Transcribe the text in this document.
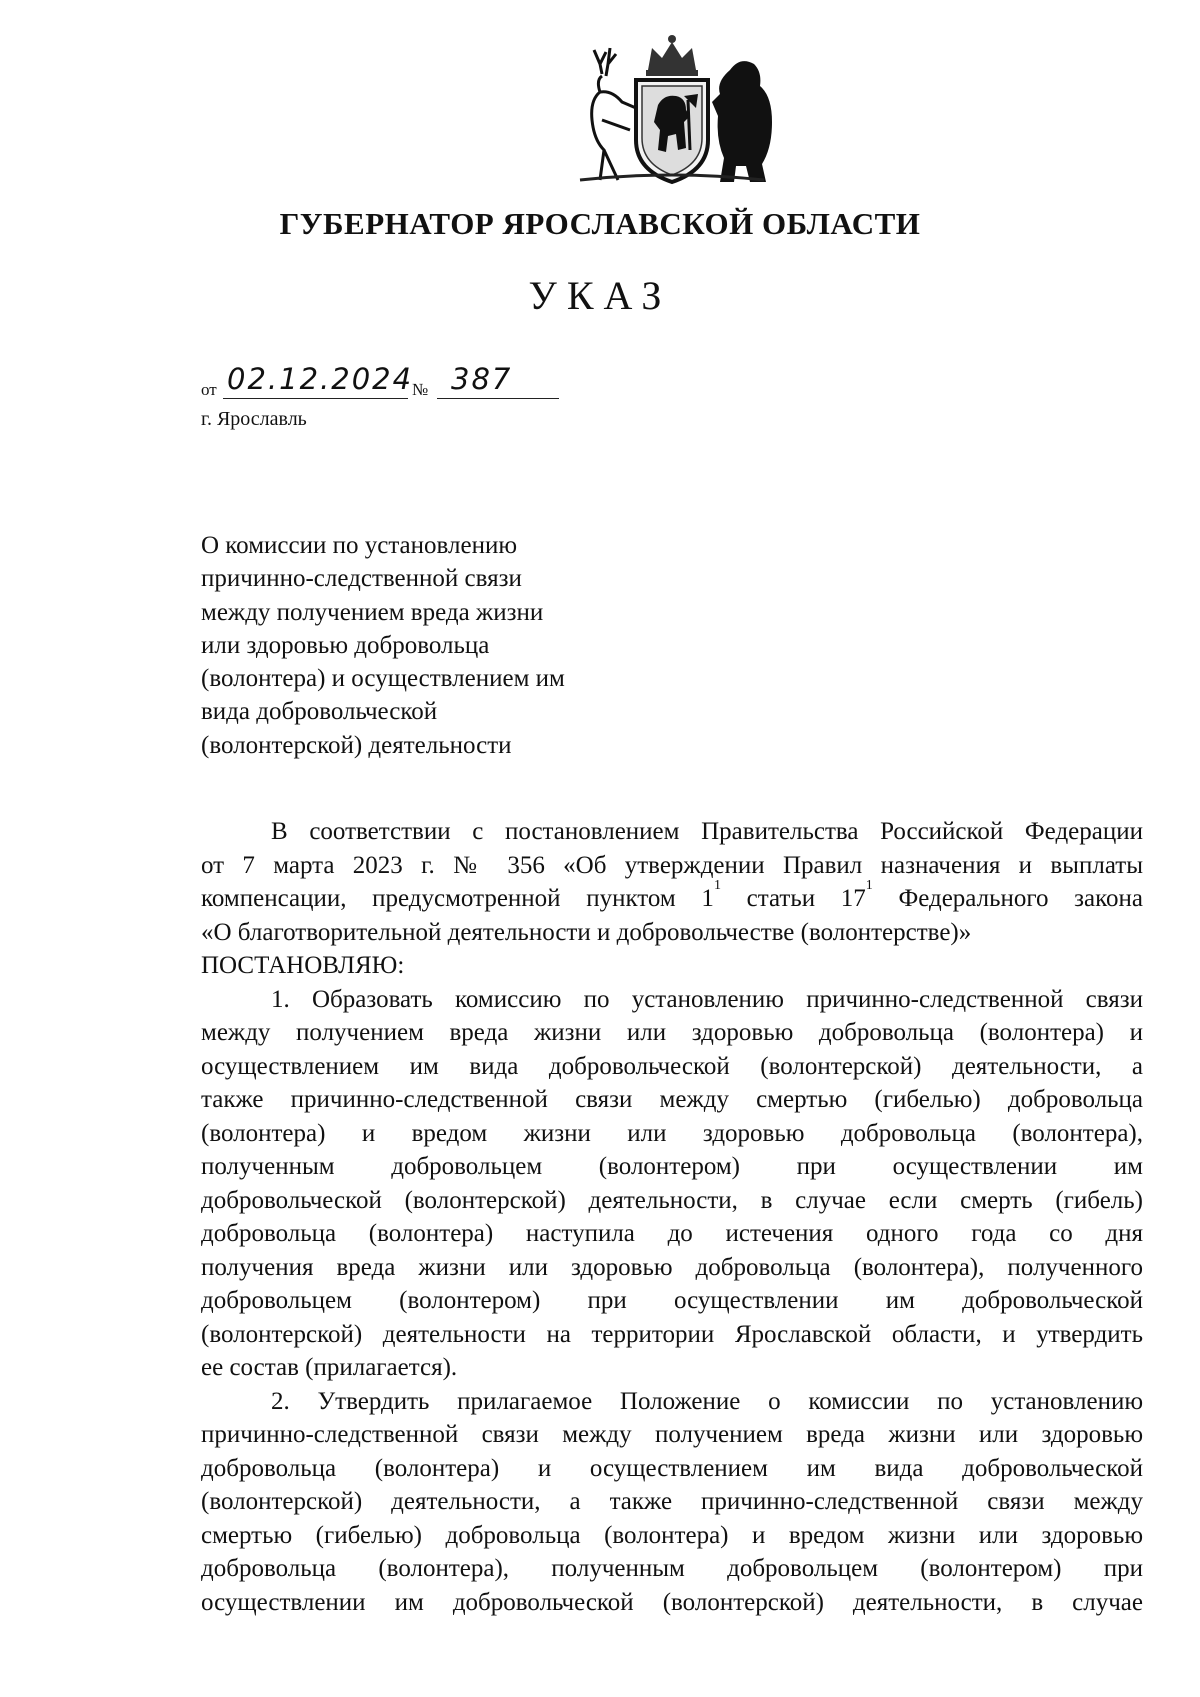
ГУБЕРНАТОР ЯРОСЛАВСКОЙ ОБЛАСТИ
УКАЗ
от 02.12.2024
№ 387
г. Ярославль
О комиссии по установлению
причинно-следственной связи
между получением вреда жизни
или здоровью добровольца
(волонтера) и осуществлением им
вида добровольческой
(волонтерской) деятельности
В соответствии с постановлением Правительства Российской Федерации
от 7 марта 2023 г. № 356 «Об утверждении Правил назначения и выплаты
компенсации, предусмотренной пунктом $1^1$ статьи $17^1$ Федерального закона
«О благотворительной деятельности и добровольчестве (волонтерстве)»
ПОСТАНОВЛЯЮ:
1. Образовать комиссию по установлению причинно-следственной связи
между получением вреда жизни или здоровью добровольца (волонтера) и
осуществлением им вида добровольческой (волонтерской) деятельности, а
также причинно-следственной связи между смертью (гибелью) добровольца
(волонтера) и вредом жизни или здоровью добровольца (волонтера),
полученным добровольцем (волонтером) при осуществлении им
добровольческой (волонтерской) деятельности, в случае если смерть (гибель)
добровольца (волонтера) наступила до истечения одного года со дня
получения вреда жизни или здоровью добровольца (волонтера), полученного
добровольцем (волонтером) при осуществлении им добровольческой
(волонтерской) деятельности на территории Ярославской области, и утвердить
ее состав (прилагается).
2. Утвердить прилагаемое Положение о комиссии по установлению
причинно-следственной связи между получением вреда жизни или здоровью
добровольца (волонтера) и осуществлением им вида добровольческой
(волонтерской) деятельности, а также причинно-следственной связи между
смертью (гибелью) добровольца (волонтера) и вредом жизни или здоровью
добровольца (волонтера), полученным добровольцем (волонтером) при
осуществлении им добровольческой (волонтерской) деятельности, в случае
